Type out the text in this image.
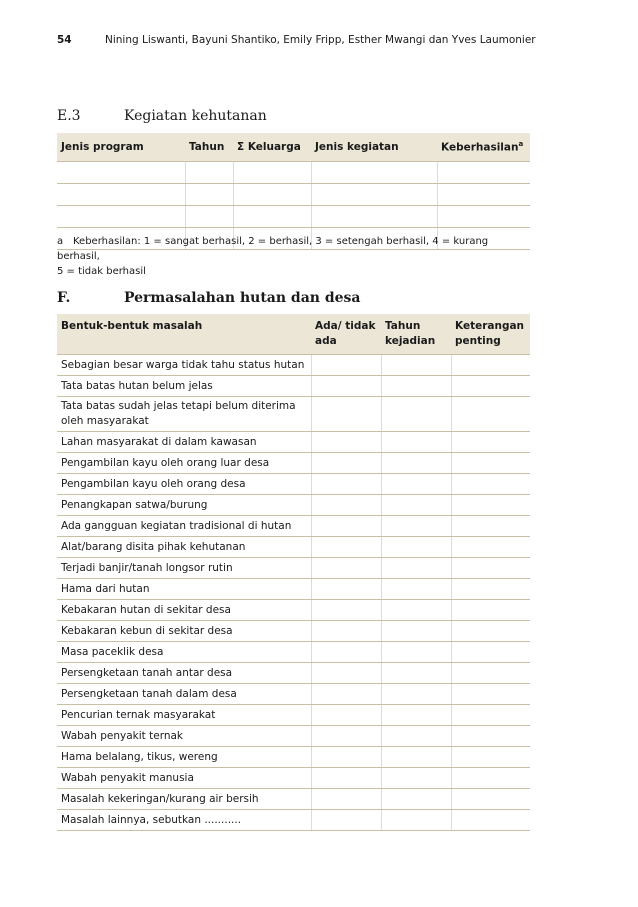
54	Nining Liswanti, Bayuni Shantiko, Emily Fripp, Esther Mwangi dan Yves Laumonier
E.3	Kegiatan kehutanan
Jenis program	Tahun	Σ Keluarga	Jenis kegiatan	Keberhasilan$^a$

a Keberhasilan: 1 = sangat berhasil, 2 = berhasil, 3 = setengah berhasil, 4 = kurang berhasil,
5 = tidak berhasil
F.	Permasalahan hutan dan desa
Bentuk-bentuk masalah	Ada/ tidak ada	Tahun kejadian	Keterangan penting
Sebagian besar warga tidak tahu status hutan			
Tata batas hutan belum jelas			
Tata batas sudah jelas tetapi belum diterima oleh masyarakat			
Lahan masyarakat di dalam kawasan			
Pengambilan kayu oleh orang luar desa			
Pengambilan kayu oleh orang desa			
Penangkapan satwa/burung			
Ada gangguan kegiatan tradisional di hutan			
Alat/barang disita pihak kehutanan			
Terjadi banjir/tanah longsor rutin			
Hama dari hutan			
Kebakaran hutan di sekitar desa			
Kebakaran kebun di sekitar desa			
Masa paceklik desa			
Persengketaan tanah antar desa			
Persengketaan tanah dalam desa			
Pencurian ternak masyarakat			
Wabah penyakit ternak			
Hama belalang, tikus, wereng			
Wabah penyakit manusia			
Masalah kekeringan/kurang air bersih			
Masalah lainnya, sebutkan ...........			
